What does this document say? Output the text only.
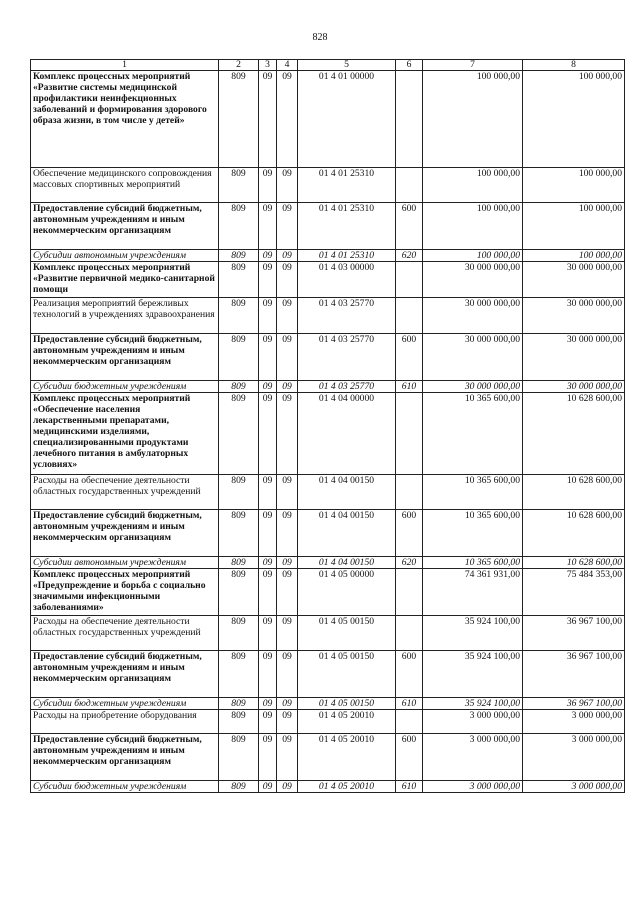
828
1	2	3	4	5	6	7	8
Комплекс процессных мероприятий «Развитие системы медицинской профилактики неинфекционных заболеваний и формирования здорового образа жизни, в том числе у детей»	809	09	09	01 4 01 00000		100 000,00	100 000,00
Обеспечение медицинского сопровождения массовых спортивных мероприятий	809	09	09	01 4 01 25310		100 000,00	100 000,00
Предоставление субсидий бюджетным, автономным учреждениям и иным некоммерческим организациям	809	09	09	01 4 01 25310	600	100 000,00	100 000,00
Субсидии автономным учреждениям	809	09	09	01 4 01 25310	620	100 000,00	100 000,00
Комплекс процессных мероприятий «Развитие первичной медико-санитарной помощи	809	09	09	01 4 03 00000		30 000 000,00	30 000 000,00
Реализация мероприятий бережливых технологий в учреждениях здравоохранения	809	09	09	01 4 03 25770		30 000 000,00	30 000 000,00
Предоставление субсидий бюджетным, автономным учреждениям и иным некоммерческим организациям	809	09	09	01 4 03 25770	600	30 000 000,00	30 000 000,00
Субсидии бюджетным учреждениям	809	09	09	01 4 03 25770	610	30 000 000,00	30 000 000,00
Комплекс процессных мероприятий «Обеспечение населения лекарственными препаратами, медицинскими изделиями, специализированными продуктами лечебного питания в амбулаторных условиях»	809	09	09	01 4 04 00000		10 365 600,00	10 628 600,00
Расходы на обеспечение деятельности областных государственных учреждений	809	09	09	01 4 04 00150		10 365 600,00	10 628 600,00
Предоставление субсидий бюджетным, автономным учреждениям и иным некоммерческим организациям	809	09	09	01 4 04 00150	600	10 365 600,00	10 628 600,00
Субсидии автономным учреждениям	809	09	09	01 4 04 00150	620	10 365 600,00	10 628 600,00
Комплекс процессных мероприятий «Предупреждение и борьба с социально значимыми инфекционными заболеваниями»	809	09	09	01 4 05 00000		74 361 931,00	75 484 353,00
Расходы на обеспечение деятельности областных государственных учреждений	809	09	09	01 4 05 00150		35 924 100,00	36 967 100,00
Предоставление субсидий бюджетным, автономным учреждениям и иным некоммерческим организациям	809	09	09	01 4 05 00150	600	35 924 100,00	36 967 100,00
Субсидии бюджетным учреждениям	809	09	09	01 4 05 00150	610	35 924 100,00	36 967 100,00
Расходы на приобретение оборудования	809	09	09	01 4 05 20010		3 000 000,00	3 000 000,00
Предоставление субсидий бюджетным, автономным учреждениям и иным некоммерческим организациям	809	09	09	01 4 05 20010	600	3 000 000,00	3 000 000,00
Субсидии бюджетным учреждениям	809	09	09	01 4 05 20010	610	3 000 000,00	3 000 000,00
